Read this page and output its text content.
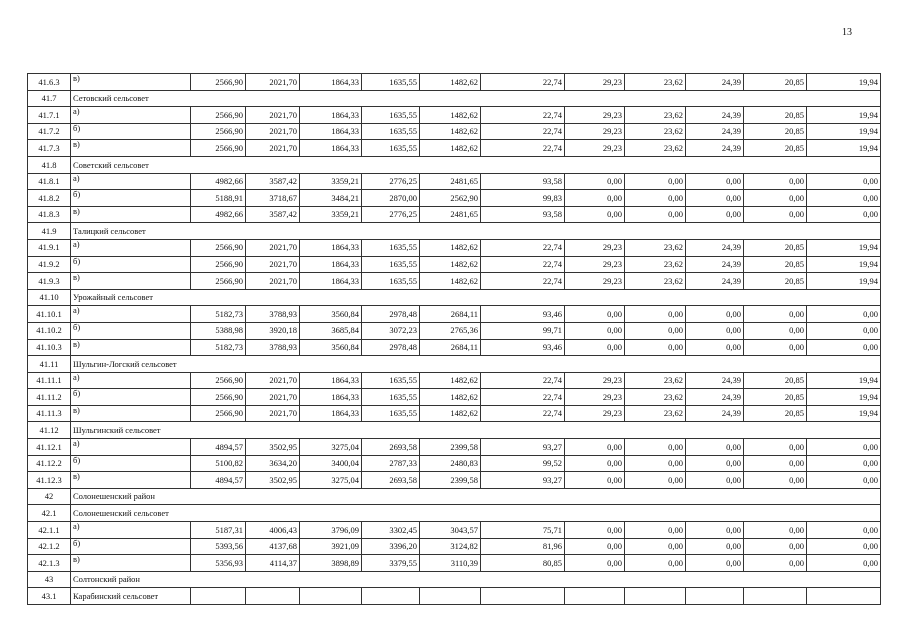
13
41.6.3	в)	2566,90	2021,70	1864,33	1635,55	1482,62	22,74	29,23	23,62	24,39	20,85	19,94
41.7	Сетовский сельсовет											
41.7.1	а)	2566,90	2021,70	1864,33	1635,55	1482,62	22,74	29,23	23,62	24,39	20,85	19,94
41.7.2	б)	2566,90	2021,70	1864,33	1635,55	1482,62	22,74	29,23	23,62	24,39	20,85	19,94
41.7.3	в)	2566,90	2021,70	1864,33	1635,55	1482,62	22,74	29,23	23,62	24,39	20,85	19,94
41.8	Советский сельсовет											
41.8.1	а)	4982,66	3587,42	3359,21	2776,25	2481,65	93,58	0,00	0,00	0,00	0,00	0,00
41.8.2	б)	5188,91	3718,67	3484,21	2870,00	2562,90	99,83	0,00	0,00	0,00	0,00	0,00
41.8.3	в)	4982,66	3587,42	3359,21	2776,25	2481,65	93,58	0,00	0,00	0,00	0,00	0,00
41.9	Талицкий сельсовет											
41.9.1	а)	2566,90	2021,70	1864,33	1635,55	1482,62	22,74	29,23	23,62	24,39	20,85	19,94
41.9.2	б)	2566,90	2021,70	1864,33	1635,55	1482,62	22,74	29,23	23,62	24,39	20,85	19,94
41.9.3	в)	2566,90	2021,70	1864,33	1635,55	1482,62	22,74	29,23	23,62	24,39	20,85	19,94
41.10	Урожайный сельсовет											
41.10.1	а)	5182,73	3788,93	3560,84	2978,48	2684,11	93,46	0,00	0,00	0,00	0,00	0,00
41.10.2	б)	5388,98	3920,18	3685,84	3072,23	2765,36	99,71	0,00	0,00	0,00	0,00	0,00
41.10.3	в)	5182,73	3788,93	3560,84	2978,48	2684,11	93,46	0,00	0,00	0,00	0,00	0,00
41.11	Шульгин-Логский сельсовет											
41.11.1	а)	2566,90	2021,70	1864,33	1635,55	1482,62	22,74	29,23	23,62	24,39	20,85	19,94
41.11.2	б)	2566,90	2021,70	1864,33	1635,55	1482,62	22,74	29,23	23,62	24,39	20,85	19,94
41.11.3	в)	2566,90	2021,70	1864,33	1635,55	1482,62	22,74	29,23	23,62	24,39	20,85	19,94
41.12	Шульгинский сельсовет											
41.12.1	а)	4894,57	3502,95	3275,04	2693,58	2399,58	93,27	0,00	0,00	0,00	0,00	0,00
41.12.2	б)	5100,82	3634,20	3400,04	2787,33	2480,83	99,52	0,00	0,00	0,00	0,00	0,00
41.12.3	в)	4894,57	3502,95	3275,04	2693,58	2399,58	93,27	0,00	0,00	0,00	0,00	0,00
42	Солонешенский район											
42.1	Солонешенский сельсовет											
42.1.1	а)	5187,31	4006,43	3796,09	3302,45	3043,57	75,71	0,00	0,00	0,00	0,00	0,00
42.1.2	б)	5393,56	4137,68	3921,09	3396,20	3124,82	81,96	0,00	0,00	0,00	0,00	0,00
42.1.3	в)	5356,93	4114,37	3898,89	3379,55	3110,39	80,85	0,00	0,00	0,00	0,00	0,00
43	Солтонский район											
43.1	Карабинский сельсовет											
